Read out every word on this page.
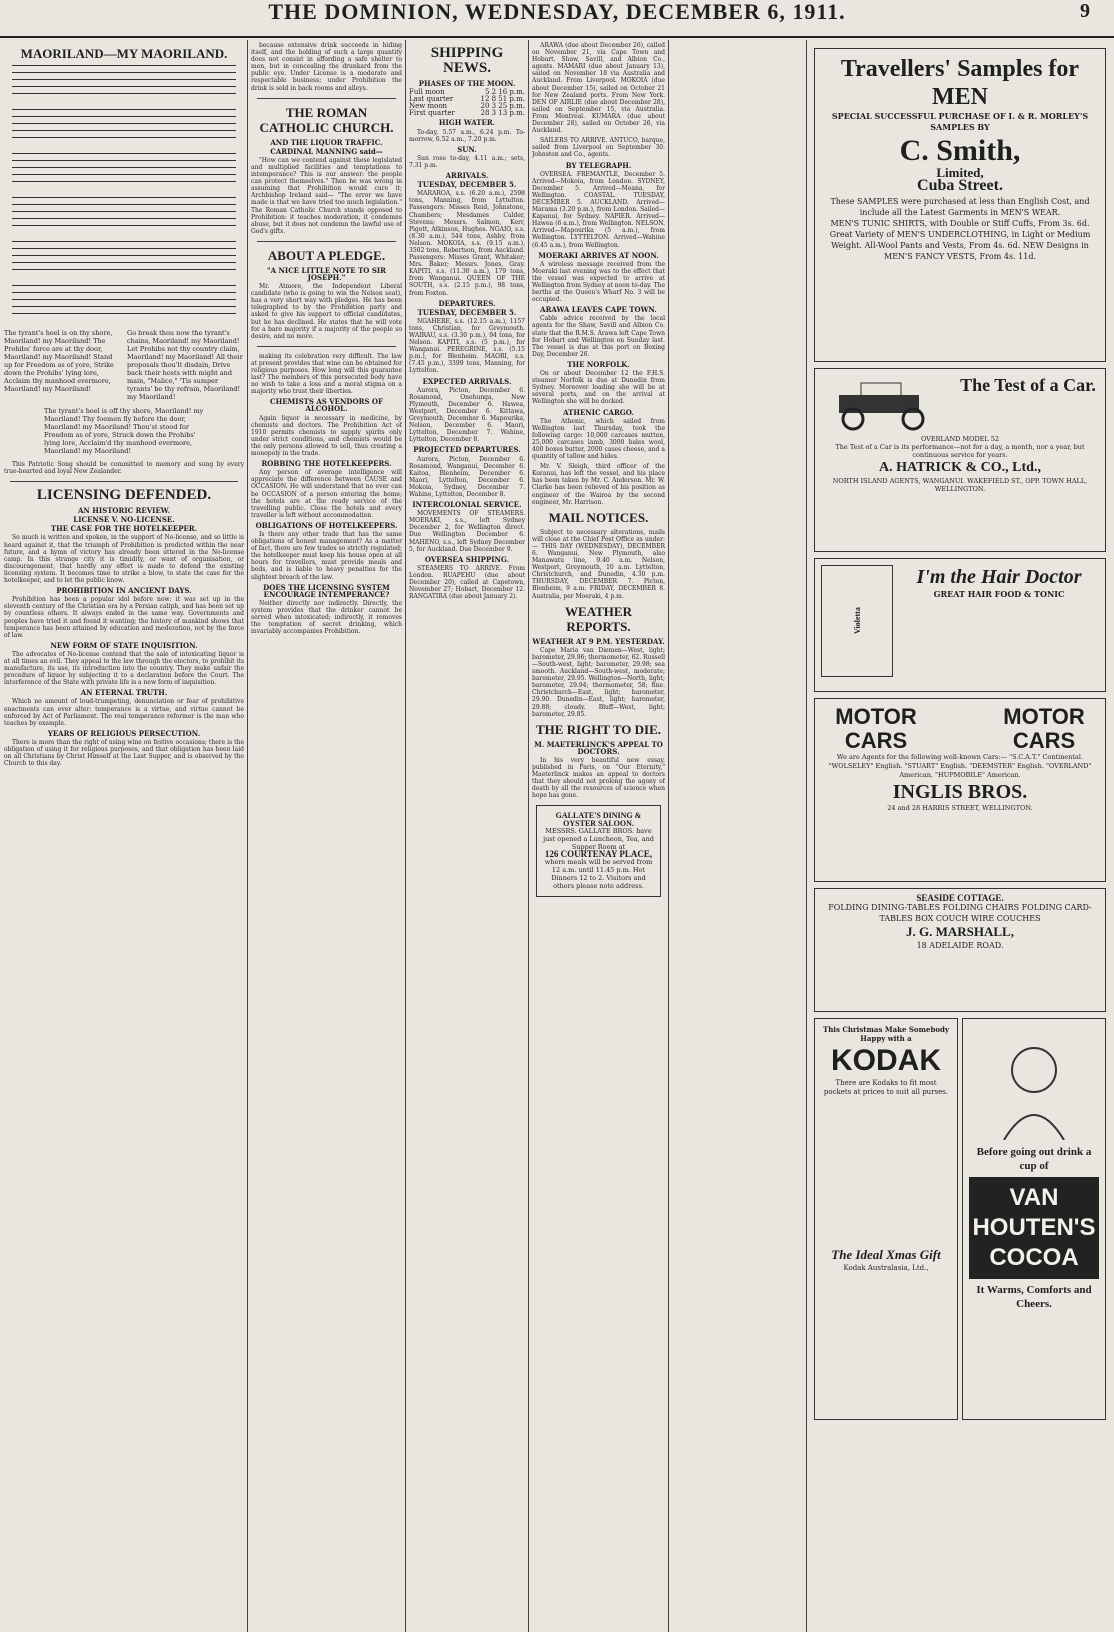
THE DOMINION, WEDNESDAY, DECEMBER 6, 1911.	9
MAORILAND—MY MAORILAND.
The tyrant's heel is on thy shore, Maoriland! my Maoriland! The Prohibs' force are at thy door, Maoriland! my Maoriland! Stand up for Freedom as of yore, Strike down the Prohibs' lying lore, Acclaim thy manhood evermore, Maoriland! my Maoriland!
Go break thou now the tyrant's chains, Maoriland! my Maoriland! Let Prohibs not thy country claim, Maoriland! my Maoriland! All their proposals thou'lt disdain, Drive back their hosts with might and main, "Malice," 'Tis sumper tyrants' be thy refrain, Maoriland! my Maoriland!
The tyrant's heel is off thy shore, Maoriland! my Maoriland! Thy foemen fly before the door, Maoriland! my Maoriland! Thou'st stood for Freedom as of yore, Struck down the Prohibs' lying lore, Acclaim'd thy manhood evermore, Maoriland! my Maoriland!

This Patriotic Song should be committed to memory and sung by every true-hearted and loyal New Zealander.

LICENSING DEFENDED.
AN HISTORIC REVIEW.
LICENSE V. NO-LICENSE.
THE CASE FOR THE HOTELKEEPER.

So much is written and spoken, in the support of No-license, and so little is heard against it, that the triumph of Prohibition is predicted within the near future, and a hymn of victory has already been uttered in the No-license camp. In this strange city it is timidity, or want of organisation, or discouragement, that hardly any effort is made to defend the existing licensing system. It becomes time to strike a blow, to state the case for the hotelkeeper, and to let the public know.

PROHIBITION IN ANCIENT DAYS.

Prohibition has been a popular idol before now: it was set up in the eleventh century of the Christian era by a Persian caliph, and has been set up by countless others. It always ended in the same way. Governments and peoples have tried it and found it wanting; the history of mankind shows that temperance has been attained by education and moderation, not by the force of law.

NEW FORM OF STATE INQUISITION.

The advocates of No-license contend that the sale of intoxicating liquor is at all times an evil. They appeal to the law through the electors, to prohibit its manufacture, its use, its introduction into the country. They make unfair the procedure of liquor by subjecting it to a declaration before the Court. The interference of the State with private life is a new form of inquisition.

AN ETERNAL TRUTH.

Which no amount of loud-trumpeting, denunciation or fear of prohibitive enactments can ever alter: temperance is a virtue, and virtue cannot be enforced by Act of Parliament. The real temperance reformer is the man who teaches by example.

YEARS OF RELIGIOUS PERSECUTION.

There is more than the right of using wine on festive occasions; there is the obligation of using it for religious purposes, and that obligation has been laid on all Christians by Christ Himself at the Last Supper, and is observed by the Church to this day.

because extensive drink succeeds in hiding itself, and the holding of such a large quantity does not consist in affording a safe shelter to men, but in concealing the drunkard from the public eye. Under License is a moderate and respectable business; under Prohibition the drink is sold in back rooms and alleys.

THE ROMAN CATHOLIC CHURCH.
AND THE LIQUOR TRAFFIC.
CARDINAL MANNING said—

"How can we contend against these legislated and multiplied facilities and temptations to intemperance? This is our answer: the people can protect themselves." Then he was wrong in assuming that Prohibition would cure it; Archbishop Ireland said— "The error we have made is that we have tried too much legislation." The Roman Catholic Church stands opposed to Prohibition: it teaches moderation, it condemns abuse, but it does not condemn the lawful use of God's gifts.

ABOUT A PLEDGE.
"A NICE LITTLE NOTE TO SIR JOSEPH."

Mr. Atmore, the Independent Liberal candidate (who is going to win the Nelson seat), has a very short way with pledges. He has been telegraphed to by the Prohibition party and asked to give his support to official candidates, but he has declined. He states that he will vote for a bare majority if a majority of the people so desire, and no more.

making its celebration very difficult. The law at present provides that wine can be obtained for religious purposes. How long will this guarantee last? The members of this persecuted body have no wish to take a loss and a moral stigma on a majority who trust their liberties.

CHEMISTS AS VENDORS OF ALCOHOL.

Again liquor is necessary in medicine, by chemists and doctors. The Prohibition Act of 1910 permits chemists to supply spirits only under strict conditions, and chemists would be the only persons allowed to sell, thus creating a monopoly in the trade.

ROBBING THE HOTELKEEPERS.

Any person of average intelligence will appreciate the difference between CAUSE and OCCASION. He will understand that no ever can be OCCASION of a person entering the home; the hotels are at the ready service of the travelling public. Close the hotels and every traveller is left without accommodation.

OBLIGATIONS OF HOTELKEEPERS.

Is there any other trade that has the same obligations of honest management? As a matter of fact, there are few trades so strictly regulated; the hotelkeeper must keep his house open at all hours for travellers, must provide meals and beds, and is liable to heavy penalties for the slightest breach of the law.

DOES THE LICENSING SYSTEM ENCOURAGE INTEMPERANCE?

Neither directly nor indirectly. Directly, the system provides that the drinker cannot be served when intoxicated; indirectly, it removes the temptation of secret drinking, which invariably accompanies Prohibition.

SHIPPING NEWS.
PHASES OF THE MOON.
Full moon	5 2 16 p.m.
Last quarter	12 8 51 p.m.
New moon	20 3 25 p.m.
First quarter	28 3 13 p.m.
HIGH WATER.

To-day, 5.57 a.m., 6.24 p.m. To-morrow, 6.52 a.m., 7.20 p.m.

SUN.

Sun rose to-day, 4.11 a.m.; sets, 7.31 p.m.

ARRIVALS.
TUESDAY, DECEMBER 5.

MARAROA, s.s. (6.20 a.m.), 2598 tons, Manning, from Lyttelton. Passengers: Misses Reid, Johnstone, Chambers; Mesdames Calder, Stevens; Messrs. Salmon, Kerr, Pigott, Atkinson, Hughes. NGAIO, s.s. (8.30 a.m.), 544 tons, Ashby, from Nelson. MOKOIA, s.s. (9.15 a.m.), 3502 tons, Robertson, from Auckland. Passengers: Misses Grant, Whitaker; Mrs. Baker; Messrs. Jones, Gray. KAPITI, s.s. (11.30 a.m.), 179 tons, from Wanganui. QUEEN OF THE SOUTH, s.s. (2.15 p.m.), 98 tons, from Foxton.

DEPARTURES.
TUESDAY, DECEMBER 5.

NGAHERE, s.s. (12.15 a.m.), 1157 tons, Christian, for Greymouth. WAIRAU, s.s. (3.30 p.m.), 94 tons, for Nelson. KAPITI, s.s. (5 p.m.), for Wanganui. PEREGRINE, s.s. (5.15 p.m.), for Blenheim. MAORI, s.s. (7.45 p.m.), 3399 tons, Manning, for Lyttelton.

EXPECTED ARRIVALS.

Aurora, Picton, December 6. Rosamond, Onehunga, New Plymouth, December 6. Hawea, Westport, December 6. Kittawa, Greymouth, December 6. Mapourika, Nelson, December 6. Maori, Lyttelton, December 7. Wahine, Lyttelton, December 8.

PROJECTED DEPARTURES.

Aurora, Picton, December 6. Rosamond, Wanganui, December 6. Kaitoa, Blenheim, December 6. Maori, Lyttelton, December 6. Mokoia, Sydney, December 7. Wahine, Lyttelton, December 8.

INTERCOLONIAL SERVICE.

MOVEMENTS OF STEAMERS. MOERAKI, s.s., left Sydney December 2, for Wellington direct. Due Wellington December 6. MAHENO, s.s., left Sydney December 5, for Auckland. Due December 9.

OVERSEA SHIPPING.

STEAMERS TO ARRIVE. From London. RUAPEHU (due about December 20), called at Capetown, November 27; Hobart, December 12. RANGATIRA (due about January 2).

ARAWA (due about December 26), called on November 21, via Cape Town and Hobart. Shaw, Savill, and Albion Co., agents. MAMARI (due about January 13), sailed on November 18 via Australia and Auckland. From Liverpool. MOKOIA (due about December 15), sailed on October 21 for New Zealand ports. From New York. DEN OF AIRLIE (due about December 28), sailed on September 15, via Australia. From Montreal. KUMARA (due about December 28), sailed on October 26, via Auckland.

SAILERS TO ARRIVE. ANTUCO, barque, sailed from Liverpool on September 30. Johnston and Co., agents.

BY TELEGRAPH.

OVERSEA. FREMANTLE, December 5. Arrived—Mokoia, from London. SYDNEY, December 5. Arrived—Moana, for Wellington. COASTAL. TUESDAY, DECEMBER 5. AUCKLAND. Arrived—Marama (3.20 p.m.), from London. Sailed—Kapanui, for Sydney. NAPIER. Arrived—Hawea (6 a.m.), from Wellington. NELSON. Arrived—Mapourika (5 a.m.), from Wellington. LYTTELTON. Arrived—Wahine (6.45 a.m.), from Wellington.

MOERAKI ARRIVES AT NOON.

A wireless message received from the Moeraki last evening was to the effect that the vessel was expected to arrive at Wellington from Sydney at noon to-day. The berths at the Queen's Wharf No. 3 will be occupied.

ARAWA LEAVES CAPE TOWN.

Cable advice received by the local agents for the Shaw, Savill and Albion Co. state that the R.M.S. Arawa left Cape Town for Hobart and Wellington on Sunday last. The vessel is due at this port on Boxing Day, December 26.

THE NORFOLK.

On or about December 12 the F.H.S. steamer Norfolk is due at Dunedin from Sydney. Moreover loading she will be at several ports, and on the arrival at Wellington she will be docked.

ATHENIC CARGO.

The Athenic, which sailed from Wellington last Thursday, took the following cargo: 10,000 carcases mutton, 25,000 carcases lamb, 3000 bales wool, 400 boxes butter, 2000 cases cheese, and a quantity of tallow and hides.

Mr. V. Sleigh, third officer of the Koranui, has left the vessel, and his place has been taken by Mr. C. Anderson. Mr. W. Clarke has been relieved of his position as engineer of the Wairoa by the second engineer, Mr. Harrison.

MAIL NOTICES.

Subject to necessary alterations, mails will close at the Chief Post Office as under:— THIS DAY (WEDNESDAY), DECEMBER 6. Wanganui, New Plymouth, also Manawatu line, 9.40 a.m. Nelson, Westport, Greymouth, 10 a.m. Lyttelton, Christchurch, and Dunedin, 4.30 p.m. THURSDAY, DECEMBER 7. Picton, Blenheim, 9 a.m. FRIDAY, DECEMBER 8. Australia, per Moeraki, 4 p.m.

WEATHER REPORTS.
WEATHER AT 9 P.M. YESTERDAY.

Cape Maria van Diemen—West, light; barometer, 29.96; thermometer, 62. Russell—South-west, light; barometer, 29.98; sea smooth. Auckland—South-west, moderate; barometer, 29.95. Wellington—North, light; barometer, 29.94; thermometer, 58; fine. Christchurch—East, light; barometer, 29.90. Dunedin—East, light; barometer, 29.88; cloudy. Bluff—West, light; barometer, 29.85.

THE RIGHT TO DIE.
M. MAETERLINCK'S APPEAL TO DOCTORS.

In his very beautiful new essay, published in Paris, on "Our Eternity," Maeterlinck makes an appeal to doctors that they should not prolong the agony of death by all the resources of science when hope has gone.

GALLATE'S DINING & OYSTER SALOON.
MESSRS. GALLATE BROS. have just opened a Luncheon, Tea, and Supper Room at
126 COURTENAY PLACE,
where meals will be served from 12 a.m. until 11.45 p.m. Hot Dinners 12 to 2. Visitors and others please note address.
Travellers' Samples for MEN
SPECIAL SUCCESSFUL PURCHASE OF I. & R. MORLEY'S SAMPLES BY
C. Smith,
Limited,
Cuba Street.
These SAMPLES were purchased at less than English Cost, and include all the Latest Garments in MEN'S WEAR.
MEN'S TUNIC SHIRTS, with Double or Stiff Cuffs, From 3s. 6d. Great Variety of MEN'S UNDERCLOTHING, in Light or Medium Weight. All-Wool Pants and Vests, From 4s. 6d. NEW Designs in MEN'S FANCY VESTS, From 4s. 11d.
The Test of a Car.
OVERLAND MODEL 52
The Test of a Car is its performance—not for a day, a month, nor a year, but continuous service for years.
A. HATRICK & CO., Ltd.,
NORTH ISLAND AGENTS, WANGANUI. WAKEFIELD ST., OPP. TOWN HALL, WELLINGTON.
Violetta
I'm the Hair Doctor
GREAT HAIR FOOD & TONIC
MOTOR CARS
MOTOR CARS
We are Agents for the following well-known Cars:— "S.C.A.T." Continental. "WOLSELEY" English. "STUART" English. "DEEMSTER" English. "OVERLAND" American. "HUPMOBILE" American.
INGLIS BROS.
24 and 28 HARRIS STREET, WELLINGTON.
SEASIDE COTTAGE.
FOLDING DINING-TABLES FOLDING CHAIRS FOLDING CARD-TABLES BOX COUCH WIRE COUCHES
J. G. MARSHALL,
18 ADELAIDE ROAD.
This Christmas Make Somebody Happy with a
KODAK
There are Kodaks to fit most pockets at prices to suit all purses.
The Ideal Xmas Gift
Kodak Australasia, Ltd.,
Before going out drink a cup of
VAN HOUTEN'S COCOA
It Warms, Comforts and Cheers.
